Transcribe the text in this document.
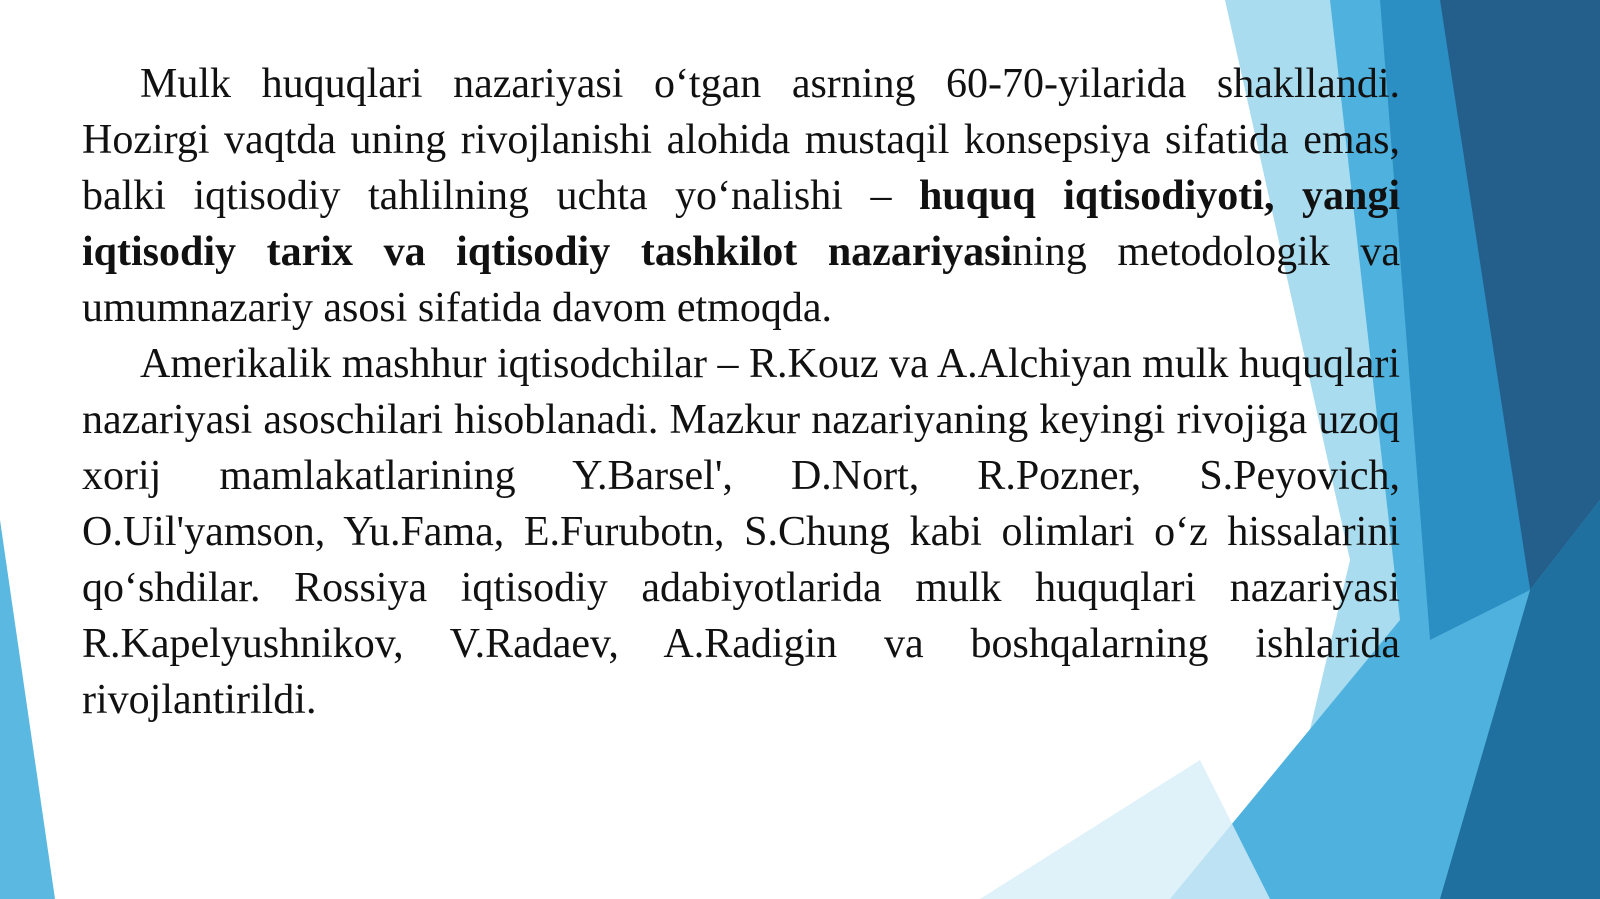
Mulk huquqlari nazariyasi o‘tgan asrning 60-70-yilarida shakllandi. Hozirgi vaqtda uning rivojlanishi alohida mustaqil konsepsiya sifatida emas, balki iqtisodiy tahlilning uchta yo‘nalishi – huquq iqtisodiyoti, yangi iqtisodiy tarix va iqtisodiy tashkilot nazariyasining metodologik va umumnazariy asosi sifatida davom etmoqda.

Amerikalik mashhur iqtisodchilar – R.Kouz va A.Alchiyan mulk huquqlari nazariyasi asoschilari hisoblanadi. Mazkur nazariyaning keyingi rivojiga uzoq xorij mamlakatlarining Y.Barsel', D.Nort, R.Pozner, S.Peyovich, O.Uil'yamson, Yu.Fama, E.Furubotn, S.Chung kabi olimlari o‘z hissalarini qo‘shdilar. Rossiya iqtisodiy adabiyotlarida mulk huquqlari nazariyasi R.Kapelyushnikov, V.Radaev, A.Radigin va boshqalarning ishlarida rivojlantirildi.
